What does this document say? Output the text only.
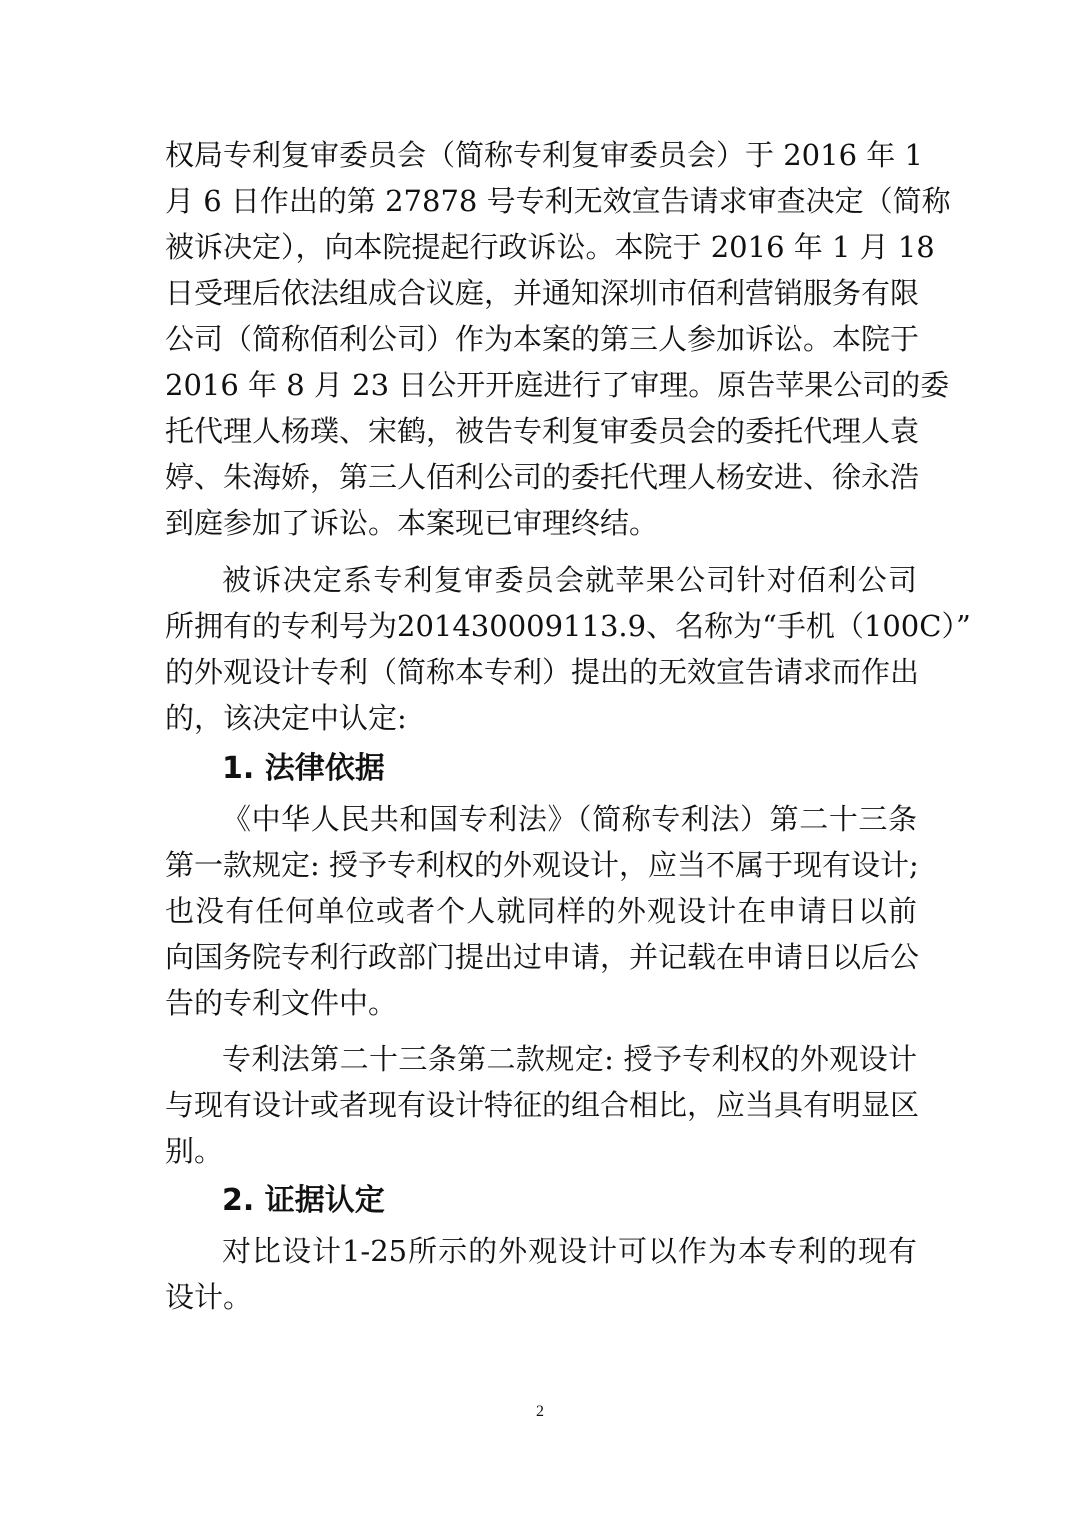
权局专利复审委员会（简称专利复审委员会）于 2016 年 1
月 6 日作出的第 27878 号专利无效宣告请求审查决定（简称
被诉决定），向本院提起行政诉讼。本院于 2016 年 1 月 18
日受理后依法组成合议庭，并通知深圳市佰利营销服务有限
公司（简称佰利公司）作为本案的第三人参加诉讼。本院于
2016 年 8 月 23 日公开开庭进行了审理。原告苹果公司的委
托代理人杨璞、宋鹤，被告专利复审委员会的委托代理人袁
婷、朱海娇，第三人佰利公司的委托代理人杨安进、徐永浩
到庭参加了诉讼。本案现已审理终结。
被诉决定系专利复审委员会就苹果公司针对佰利公司
所拥有的专利号为201430009113.9、名称为“手机（100C）”
的外观设计专利（简称本专利）提出的无效宣告请求而作出
的，该决定中认定:
1. 法律依据
《中华人民共和国专利法》（简称专利法）第二十三条
第一款规定: 授予专利权的外观设计，应当不属于现有设计;
也没有任何单位或者个人就同样的外观设计在申请日以前
向国务院专利行政部门提出过申请，并记载在申请日以后公
告的专利文件中。
专利法第二十三条第二款规定: 授予专利权的外观设计
与现有设计或者现有设计特征的组合相比，应当具有明显区
别。
2. 证据认定
对比设计1-25所示的外观设计可以作为本专利的现有
设计。
2
